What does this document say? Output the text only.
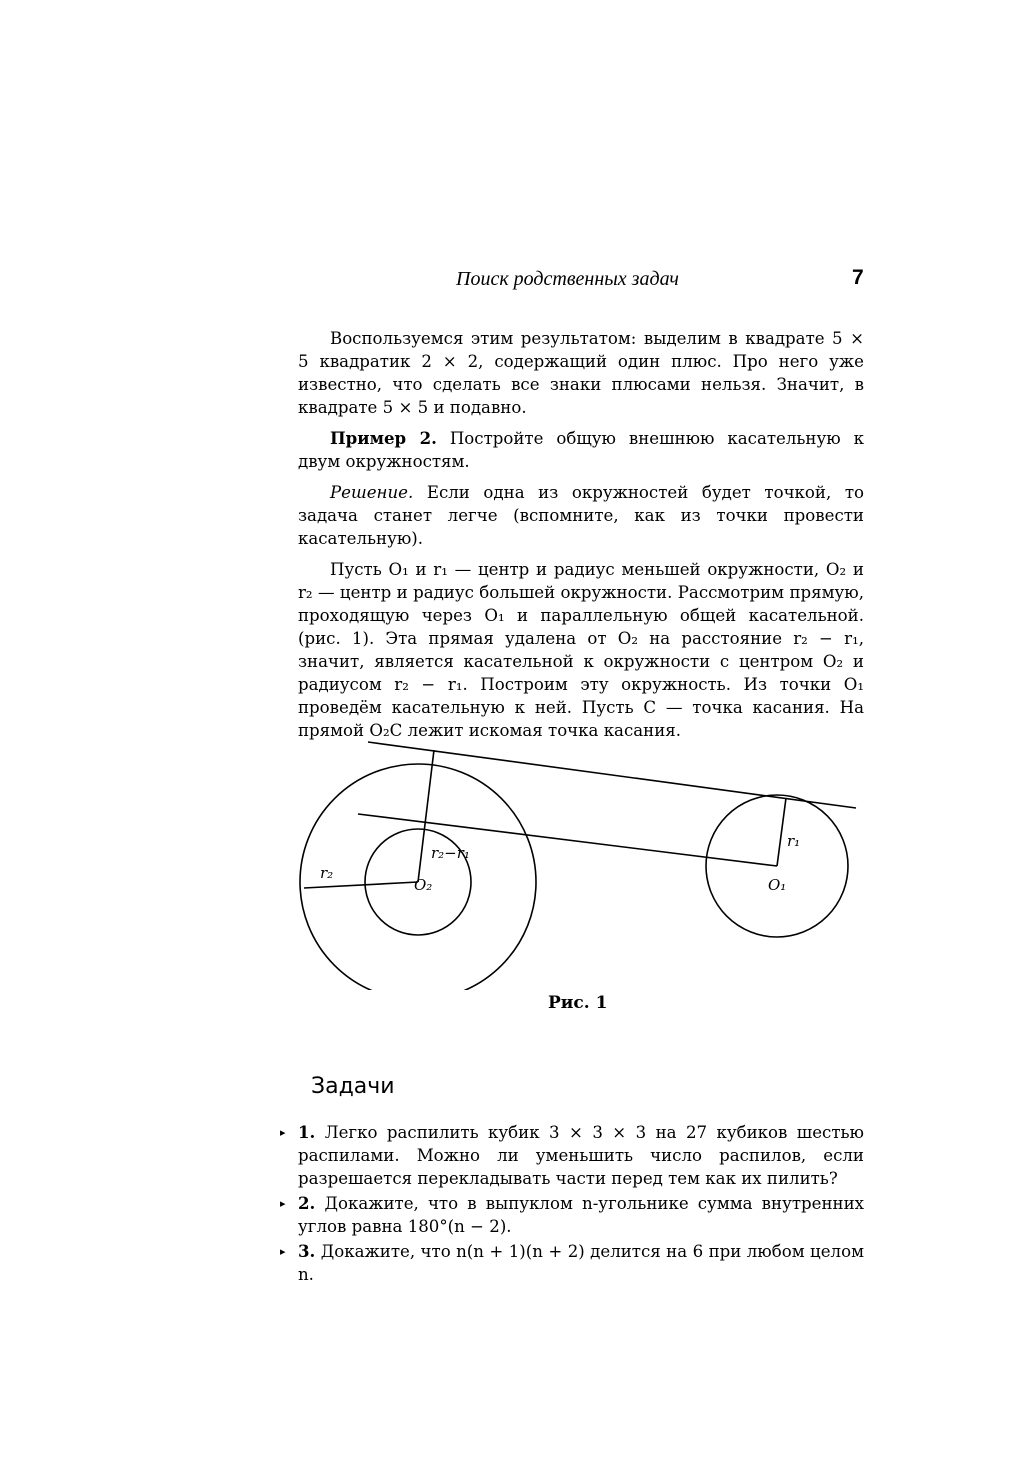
Поиск родственных задач	7

Воспользуемся этим результатом: выделим в квадрате 5 × 5 квадратик 2 × 2, содержащий один плюс. Про него уже известно, что сделать все знаки плюсами нельзя. Значит, в квадрате 5 × 5 и подавно.

Пример 2. Постройте общую внешнюю касательную к двум окружностям.

Решение. Если одна из окружностей будет точкой, то задача станет легче (вспомните, как из точки провести касательную).

Пусть O₁ и r₁ — центр и радиус меньшей окружности, O₂ и r₂ — центр и радиус большей окружности. Рассмотрим прямую, проходящую через O₁ и параллельную общей касательной. (рис. 1). Эта прямая удалена от O₂ на расстояние r₂ − r₁, значит, является касательной к окружности с центром O₂ и радиусом r₂ − r₁. Построим эту окружность. Из точки O₁ проведём касательную к ней. Пусть C — точка касания. На прямой O₂C лежит искомая точка касания.

r₂−r₁
r₂
r₁
O₂	O₁
Рис. 1
Задачи
▸ 1. Легко распилить кубик 3 × 3 × 3 на 27 кубиков шестью распилами. Можно ли уменьшить число распилов, если разрешается перекладывать части перед тем как их пилить?
▸ 2. Докажите, что в выпуклом n-угольнике сумма внутренних углов равна 180°(n − 2).
▸ 3. Докажите, что n(n + 1)(n + 2) делится на 6 при любом целом n.
